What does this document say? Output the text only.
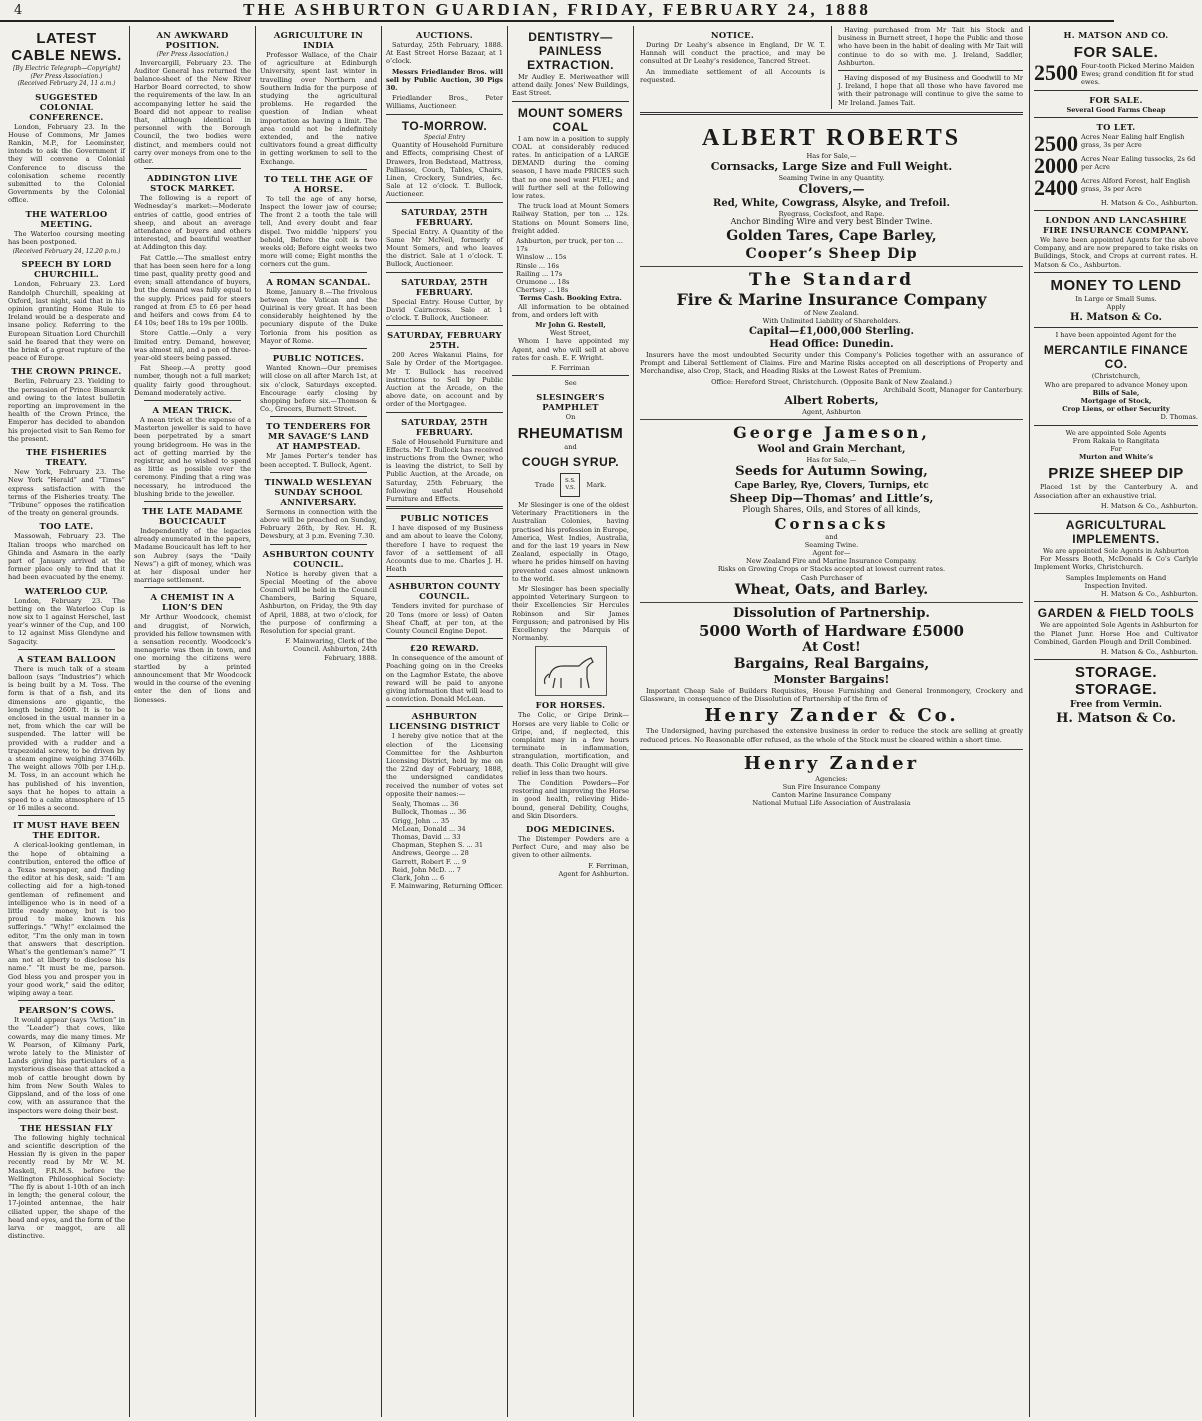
4	THE ASHBURTON GUARDIAN, FRIDAY, FEBRUARY 24, 1888
LATEST CABLE NEWS.
[By Electric Telegraph—Copyright]
(Per Press Association.)
(Received February 24, 11 a.m.)
SUGGESTED COLONIAL CONFERENCE.

London, February 23. In the House of Commons, Mr James Rankin, M.P., for Leominster, intends to ask the Government if they will convene a Colonial Conference to discuss the colonisation scheme recently submitted to the Colonial Governments by the Colonial office.

THE WATERLOO MEETING.

The Waterloo coursing meeting has been postponed.

(Received February 24, 12.20 p.m.)
SPEECH BY LORD CHURCHILL.

London, February 23. Lord Randolph Churchill, speaking at Oxford, last night, said that in his opinion granting Home Rule to Ireland would be a desperate and insane policy. Referring to the European Situation Lord Churchill said he feared that they were on the brink of a great rupture of the peace of Europe.

THE CROWN PRINCE.

Berlin, February 23. Yielding to the persuasion of Prince Bismarck and owing to the latest bulletin reporting an improvement in the health of the Crown Prince, the Emperor has decided to abandon his projected visit to San Remo for the present.

THE FISHERIES TREATY.

New York, February 23. The New York “Herald” and “Times” express satisfaction with the terms of the Fisheries treaty. The “Tribune” opposes the ratification of the treaty on general grounds.

TOO LATE.

Massowah, February 23. The Italian troops who marched on Ghinda and Asmara in the early part of January arrived at the former place only to find that it had been evacuated by the enemy.

WATERLOO CUP.

London, February 23. The betting on the Waterloo Cup is now six to 1 against Herschel, last year’s winner of the Cup, and 100 to 12 against Miss Glendyne and Sagacity.

A STEAM BALLOON

There is much talk of a steam balloon (says “Industries”) which is being built by a M. Toss. The form is that of a fish, and its dimensions are gigantic, the length being 260ft. It is to be enclosed in the usual manner in a net, from which the car will be suspended. The latter will be provided with a rudder and a trapezoidal screw, to be driven by a steam engine weighing 3746lb. The weight allows 70lb per I.H.p. M. Toss, in an account which he has published of his invention, says that he hopes to attain a speed to a calm atmosphere of 15 or 16 miles a second.

IT MUST HAVE BEEN THE EDITOR.

A clerical-looking gentleman, in the hope of obtaining a contribution, entered the office of a Texas newspaper, and finding the editor at his desk, said: “I am collecting aid for a high-toned gentleman of refinement and intelligence who is in need of a little ready money, but is too proud to make known his sufferings.” “Why!” exclaimed the editor, “I’m the only man in town that answers that description. What’s the gentleman’s name?” “I am not at liberty to disclose his name.” “It must be me, parson. God bless you and prosper you in your good work,” said the editor, wiping away a tear.

PEARSON’S COWS.

It would appear (says “Action” in the “Leader”) that cows, like cowards, may die many times. Mr W. Pearson, of Kilmany Park, wrote lately to the Minister of Lands giving his particulars of a mysterious disease that attacked a mob of cattle brought down by him from New South Wales to Gippsland, and of the loss of one cow, with an assurance that the inspectors were doing their best.

THE HESSIAN FLY

The following highly technical and scientific description of the Hessian fly is given in the paper recently read by Mr W. M. Maskell, F.R.M.S. before the Wellington Philosophical Society: “The fly is about 1-10th of an inch in length; the general colour, the 17-jointed antennae, the hair ciliated upper, the shape of the head and eyes, and the form of the larva or maggot, are all distinctive.

AN AWKWARD POSITION.
(Per Press Association.)

Invercargill, February 23. The Auditor General has returned the balance-sheet of the New River Harbor Board corrected, to show the requirements of the law. In an accompanying letter he said the Board did not appear to realise that, although identical in personnel with the Borough Council, the two bodies were distinct, and members could not carry over moneys from one to the other.

ADDINGTON LIVE STOCK MARKET.

The following is a report of Wednesday’s market:—Moderate entries of cattle, good entries of sheep, and about an average attendance of buyers and others interested, and beautiful weather at Addington this day.

Fat Cattle.—The smallest entry that has been seen here for a long time past, quality pretty good and even; small attendance of buyers, but the demand was fully equal to the supply. Prices paid for steers ranged at from £5 to £6 per head and heifers and cows from £4 to £4 10s; beef 18s to 19s per 100lb.

Store Cattle.—Only a very limited entry. Demand, however, was almost nil, and a pen of three-year-old steers being passed.

Fat Sheep.—A pretty good number, though not a full market; quality fairly good throughout. Demand moderately active.

A MEAN TRICK.

A mean trick at the expense of a Masterton jeweller is said to have been perpetrated by a smart young bridegroom. He was in the act of getting married by the registrar, and he wished to spend as little as possible over the ceremony. Finding that a ring was necessary, he introduced the blushing bride to the jeweller.

THE LATE MADAME BOUCICAULT

Independently of the legacies already enumerated in the papers, Madame Boucicault has left to her son Aubrey (says the “Daily News”) a gift of money, which was at her disposal under her marriage settlement.

A CHEMIST IN A LION’S DEN

Mr Arthur Woodcock, chemist and druggist, of Norwich, provided his fellow townsmen with a sensation recently. Woodcock’s menagerie was then in town, and one morning the citizens were startled by a printed announcement that Mr Woodcock would in the course of the evening enter the den of lions and lionesses.

AGRICULTURE IN INDIA

Professor Wallace, of the Chair of agriculture at Edinburgh University, spent last winter in travelling over Northern and Southern India for the purpose of studying the agricultural problems. He regarded the question of Indian wheat importation as having a limit. The area could not be indefinitely extended, and the native cultivators found a great difficulty in getting workmen to sell to the Exchange.

TO TELL THE AGE OF A HORSE.

To tell the age of any horse, Inspect the lower jaw of course; The front 2 a tooth the tale will tell, And every doubt and fear dispel. Two middle ‘nippers’ you behold, Before the colt is two weeks old; Before eight weeks two more will come; Eight months the corners cut the gum.

A ROMAN SCANDAL.

Rome, January 8.—The frivolous between the Vatican and the Quirinal is very great. It has been considerably heightened by the pecuniary dispute of the Duke Torlonia from his position as Mayor of Rome.

PUBLIC NOTICES.

Wanted Known—Our premises will close on all after March 1st, at six o’clock, Saturdays excepted. Encourage early closing by shopping before six.—Thomson & Co., Grocers, Burnett Street.

TO TENDERERS FOR MR SAVAGE’S LAND AT HAMPSTEAD.

Mr James Porter’s tender has been accepted. T. Bullock, Agent.

TINWALD WESLEYAN SUNDAY SCHOOL ANNIVERSARY.

Sermons in connection with the above will be preached on Sunday, February 26th, by Rev. H. R. Dewsbury, at 3 p.m. Evening 7.30.

ASHBURTON COUNTY COUNCIL.

Notice is hereby given that a Special Meeting of the above Council will be held in the Council Chambers, Baring Square, Ashburton, on Friday, the 9th day of April, 1888, at two o’clock, for the purpose of confirming a Resolution for special grant.

F. Mainwaring, Clerk of the Council. Ashburton, 24th February, 1888.
AUCTIONS.

Saturday, 25th February, 1888. At East Street Horse Bazaar, at 1 o’clock.

Messrs Friedlander Bros. will sell by Public Auction, 30 Pigs 30.

Friedlander Bros., Peter Williams, Auctioneer.

TO-MORROW.
Special Entry

Quantity of Household Furniture and Effects, comprising Chest of Drawers, Iron Bedstead, Mattress, Palliasse, Couch, Tables, Chairs, Linen, Crockery, Sundries, &c. Sale at 12 o’clock. T. Bullock, Auctioneer.

SATURDAY, 25TH FEBRUARY.

Special Entry. A Quantity of the Same Mr McNeil, formerly of Mount Somers, and who leaves the district. Sale at 1 o’clock. T. Bullock, Auctioneer.

SATURDAY, 25TH FEBRUARY.

Special Entry. House Cutter, by David Cairncross. Sale at 1 o’clock. T. Bullock, Auctioneer.

SATURDAY, FEBRUARY 25TH.

200 Acres Wakanui Plains, for Sale by Order of the Mortgagee. Mr T. Bullock has received instructions to Sell by Public Auction at the Arcade, on the above date, on account and by order of the Mortgagee.

SATURDAY, 25TH FEBRUARY.

Sale of Household Furniture and Effects. Mr T. Bullock has received instructions from the Owner, who is leaving the district, to Sell by Public Auction, at the Arcade, on Saturday, 25th February, the following useful Household Furniture and Effects.

PUBLIC NOTICES

I have disposed of my Business and am about to leave the Colony, therefore I have to request the favor of a settlement of all Accounts due to me. Charles J. H. Heath

ASHBURTON COUNTY COUNCIL.

Tenders invited for purchase of 20 Tons (more or less) of Oaten Sheaf Chaff, at per ton, at the County Council Engine Depot.

£20 REWARD.

In consequence of the amount of Poaching going on in the Creeks on the Lagmhor Estate, the above reward will be paid to anyone giving information that will lead to a conviction. Donald McLean.

ASHBURTON LICENSING DISTRICT

I hereby give notice that at the election of the Licensing Committee for the Ashburton Licensing District, held by me on the 22nd day of February, 1888, the undersigned candidates received the number of votes set opposite their names:—

Sealy, Thomas ... 36
Bullock, Thomas ... 36
Grigg, John ... 35
McLean, Donald ... 34
Thomas, David ... 33
Chapman, Stephen S. ... 31
Andrews, George ... 28
Garrett, Robert F. ... 9
Reid, John McD. ... 7
Clark, John ... 6
F. Mainwaring, Returning Officer.
DENTISTRY—PAINLESS EXTRACTION.

Mr Audley E. Meriweather will attend daily. Jones’ New Buildings, East Street.

MOUNT SOMERS COAL

I am now in a position to supply COAL at considerably reduced rates. In anticipation of a LARGE DEMAND during the coming season, I have made PRICES such that no one need want FUEL; and will further sell at the following low rates.

The truck load at Mount Somers Railway Station, per ton ... 12s. Stations on Mount Somers line, freight added.

Ashburton, per truck, per ton ... 17s
Winslow ... 15s
Rinsle ... 16s
Railing ... 17s
Orumone ... 18s
Chertsey ... 18s
Terms Cash. Booking Extra.

All information to be obtained from, and orders left with

Mr John G. Restell,
West Street,

Whom I have appointed my Agent, and who will sell at above rates for cash. E. F. Wright.

F. Ferriman
See
SLESINGER’S PAMPHLET
On
RHEUMATISM
and
COUGH SYRUP.
Trade S.S.
V.S. Mark.

Mr Slesinger is one of the oldest Veterinary Practitioners in the Australian Colonies, having practised his profession in Europe, America, West Indies, Australia, and for the last 19 years in New Zealand, especially in Otago, where he prides himself on having prevented cases almost unknown to the world.

Mr Slesinger has been specially appointed Veterinary Surgeon to their Excellencies Sir Hercules Robinson and Sir James Fergusson; and patronised by His Excellency the Marquis of Normanby.

FOR HORSES.

The Colic, or Gripe Drink—Horses are very liable to Colic or Gripe, and, if neglected, this complaint may in a few hours terminate in inflammation, strangulation, mortification, and death. This Colic Draught will give relief in less than two hours.

The Condition Powders—For restoring and improving the Horse in good health, relieving Hide-bound, general Debility, Coughs, and Skin Disorders.

DOG MEDICINES.

The Distemper Powders are a Perfect Cure, and may also be given to other ailments.

F. Ferriman,
Agent for Ashburton.
NOTICE.

During Dr Leahy’s absence in England, Dr W. T. Hannah will conduct the practice, and may be consulted at Dr Leahy’s residence, Tancred Street.

An immediate settlement of all Accounts is requested.

Having purchased from Mr Tait his Stock and business in Burnett street, I hope the Public and those who have been in the habit of dealing with Mr Tait will continue to do so with me. J. Ireland, Saddler, Ashburton.

Having disposed of my Business and Goodwill to Mr J. Ireland, I hope that all those who have favored me with their patronage will continue to give the same to Mr Ireland. James Tait.

ALBERT ROBERTS
Has for Sale,—
Cornsacks, Large Size and Full Weight.
Seaming Twine in any Quantity.
Clovers,—
Red, White, Cowgrass, Alsyke, and Trefoil.
Ryegrass, Cocksfoot, and Rape.
Anchor Binding Wire and very best Binder Twine.
Golden Tares, Cape Barley,
Cooper’s Sheep Dip
The Standard
Fire & Marine Insurance Company
of New Zealand.
With Unlimited Liability of Shareholders.
Capital—£1,000,000 Sterling.
Head Office: Dunedin.

Insurers have the most undoubted Security under this Company’s Policies together with an assurance of Prompt and Liberal Settlement of Claims. Fire and Marine Risks accepted on all descriptions of Property and Merchandise, also Crop, Stack, and Heading Risks at the Lowest Rates of Premium.

Office: Hereford Street, Christchurch. (Opposite Bank of New Zealand.)
Archibald Scott, Manager for Canterbury.
Albert Roberts,
Agent, Ashburton
George Jameson,
Wool and Grain Merchant,
Has for Sale,—
Seeds for Autumn Sowing,
Cape Barley, Rye, Clovers, Turnips, etc
Sheep Dip—Thomas’ and Little’s,
Plough Shares, Oils, and Stores of all kinds,
Cornsacks
and
Seaming Twine.
Agent for—
New Zealand Fire and Marine Insurance Company.
Risks on Growing Crops or Stacks accepted at lowest current rates.
Cash Purchaser of
Wheat, Oats, and Barley.
Dissolution of Partnership.
5000 Worth of Hardware £5000
At Cost!
Bargains, Real Bargains,
Monster Bargains!

Important Cheap Sale of Builders Requisites, House Furnishing and General Ironmongery, Crockery and Glassware, in consequence of the Dissolution of Partnership of the firm of

Henry Zander & Co.

The Undersigned, having purchased the extensive business in order to reduce the stock are selling at greatly reduced prices. No Reasonable offer refused, as the whole of the Stock must be cleared within a short time.

Henry Zander
Agencies:
Sun Fire Insurance Company
Canton Marine Insurance Company
National Mutual Life Association of Australasia
H. MATSON AND CO.
FOR SALE.
2500 Four-tooth Picked Merino Maiden Ewes; grand condition fit for stud ewes.
FOR SALE.
Several Good Farms Cheap
TO LET.
2500 Acres Near Ealing half English grass, 3s per Acre
2000 Acres Near Ealing tussocks, 2s 6d per Acre
2400 Acres Alford Forest, half English grass, 3s per Acre
H. Matson & Co., Ashburton.
LONDON AND LANCASHIRE FIRE INSURANCE COMPANY.

We have been appointed Agents for the above Company, and are now prepared to take risks on Buildings, Stock, and Crops at current rates. H. Matson & Co., Ashburton.

MONEY TO LEND
In Large or Small Sums.
Apply
H. Matson & Co.
I have been appointed Agent for the
MERCANTILE FINANCE CO.
(Christchurch,
Who are prepared to advance Money upon
Bills of Sale,
Mortgage of Stock,
Crop Liens, or other Security
D. Thomas.
We are appointed Sole Agents
From Rakaia to Rangitata
For
Murton and White’s
PRIZE SHEEP DIP

Placed 1st by the Canterbury A. and Association after an exhaustive trial.

H. Matson & Co., Ashburton.
AGRICULTURAL IMPLEMENTS.
We are appointed Sole Agents in Ashburton

For Messrs Booth, McDonald & Co’s Carlyle Implement Works, Christchurch.

Samples Implements on Hand
Inspection Invited.
H. Matson & Co., Ashburton.
GARDEN & FIELD TOOLS

We are appointed Sole Agents in Ashburton for the Planet Junr. Horse Hoe and Cultivator Combined, Garden Plough and Drill Combined.

H. Matson & Co., Ashburton.
STORAGE. STORAGE.
Free from Vermin.
H. Matson & Co.
